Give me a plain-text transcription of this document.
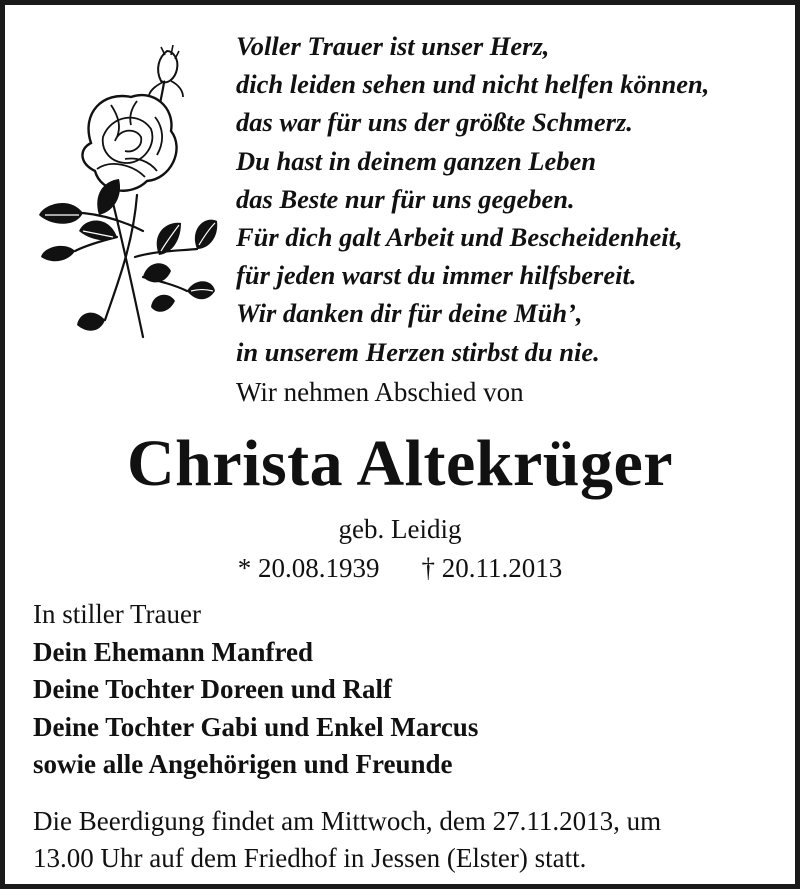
Voller Trauer ist unser Herz,
dich leiden sehen und nicht helfen können,
das war für uns der größte Schmerz.
Du hast in deinem ganzen Leben
das Beste nur für uns gegeben.
Für dich galt Arbeit und Bescheidenheit,
für jeden warst du immer hilfsbereit.
Wir danken dir für deine Müh’,
in unserem Herzen stirbst du nie.
Wir nehmen Abschied von
Christa Altekrüger
geb. Leidig
* 20.08.1939 † 20.11.2013
In stiller Trauer
Dein Ehemann Manfred
Deine Tochter Doreen und Ralf
Deine Tochter Gabi und Enkel Marcus
sowie alle Angehörigen und Freunde
Die Beerdigung findet am Mittwoch, dem 27.11.2013, um
13.00 Uhr auf dem Friedhof in Jessen (Elster) statt.
